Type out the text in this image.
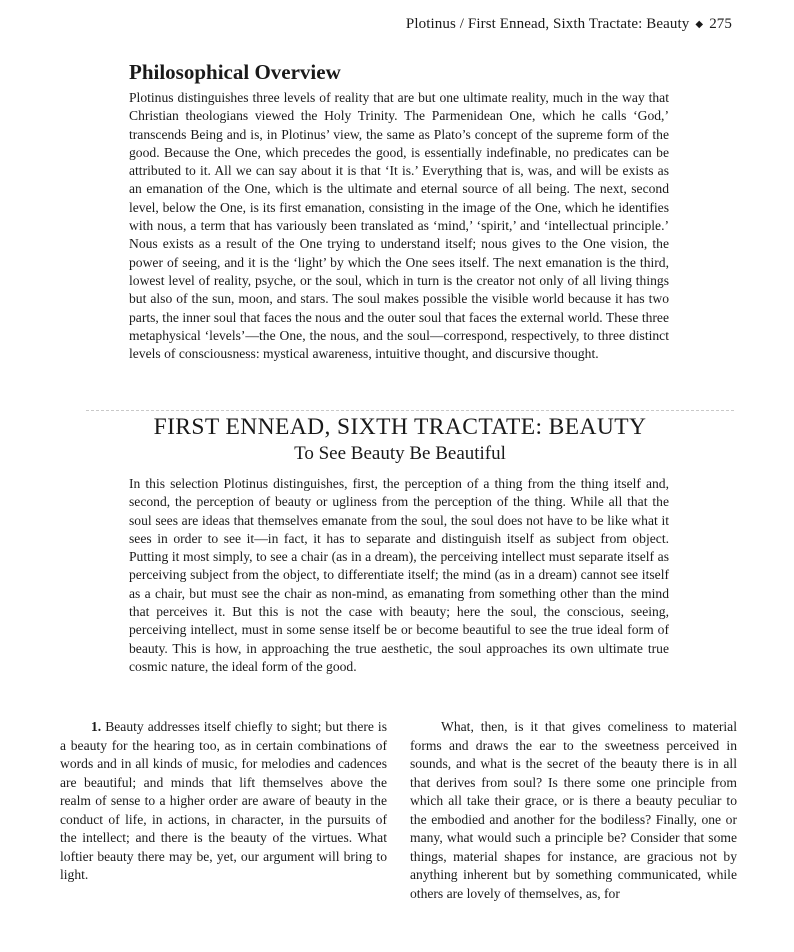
Plotinus / First Ennead, Sixth Tractate: Beauty ◆ 275
Philosophical Overview

Plotinus distinguishes three levels of reality that are but one ultimate reality, much in the way that Christian theologians viewed the Holy Trinity. The Parmenidean One, which he calls ‘God,’ transcends Being and is, in Plotinus’ view, the same as Plato’s concept of the supreme form of the good. Because the One, which precedes the good, is essentially indefinable, no predicates can be attributed to it. All we can say about it is that ‘It is.’ Everything that is, was, and will be exists as an emanation of the One, which is the ultimate and eternal source of all being. The next, second level, below the One, is its first emanation, consisting in the image of the One, which he identifies with nous, a term that has variously been translated as ‘mind,’ ‘spirit,’ and ‘intellectual principle.’ Nous exists as a result of the One trying to understand itself; nous gives to the One vision, the power of seeing, and it is the ‘light’ by which the One sees itself. The next emanation is the third, lowest level of reality, psyche, or the soul, which in turn is the creator not only of all living things but also of the sun, moon, and stars. The soul makes possible the visible world because it has two parts, the inner soul that faces the nous and the outer soul that faces the external world. These three metaphysical ‘levels’—the One, the nous, and the soul—correspond, respectively, to three distinct levels of consciousness: mystical awareness, intuitive thought, and discursive thought.

FIRST ENNEAD, SIXTH TRACTATE: BEAUTY
To See Beauty Be Beautiful

In this selection Plotinus distinguishes, first, the perception of a thing from the thing itself and, second, the perception of beauty or ugliness from the perception of the thing. While all that the soul sees are ideas that themselves emanate from the soul, the soul does not have to be like what it sees in order to see it—in fact, it has to separate and distinguish itself as subject from object. Putting it most simply, to see a chair (as in a dream), the perceiving intellect must separate itself as perceiving subject from the object, to differentiate itself; the mind (as in a dream) cannot see itself as a chair, but must see the chair as non-mind, as emanating from something other than the mind that perceives it. But this is not the case with beauty; here the soul, the conscious, seeing, perceiving intellect, must in some sense itself be or become beautiful to see the true ideal form of beauty. This is how, in approaching the true aesthetic, the soul approaches its own ultimate true cosmic nature, the ideal form of the good.

1. Beauty addresses itself chiefly to sight; but there is a beauty for the hearing too, as in certain combinations of words and in all kinds of music, for melodies and cadences are beautiful; and minds that lift themselves above the realm of sense to a higher order are aware of beauty in the conduct of life, in actions, in character, in the pursuits of the intellect; and there is the beauty of the virtues. What loftier beauty there may be, yet, our argument will bring to light.

What, then, is it that gives comeliness to material forms and draws the ear to the sweetness perceived in sounds, and what is the secret of the beauty there is in all that derives from soul? Is there some one principle from which all take their grace, or is there a beauty peculiar to the embodied and another for the bodiless? Finally, one or many, what would such a principle be? Consider that some things, material shapes for instance, are gracious not by anything inherent but by something communicated, while others are lovely of themselves, as, for
